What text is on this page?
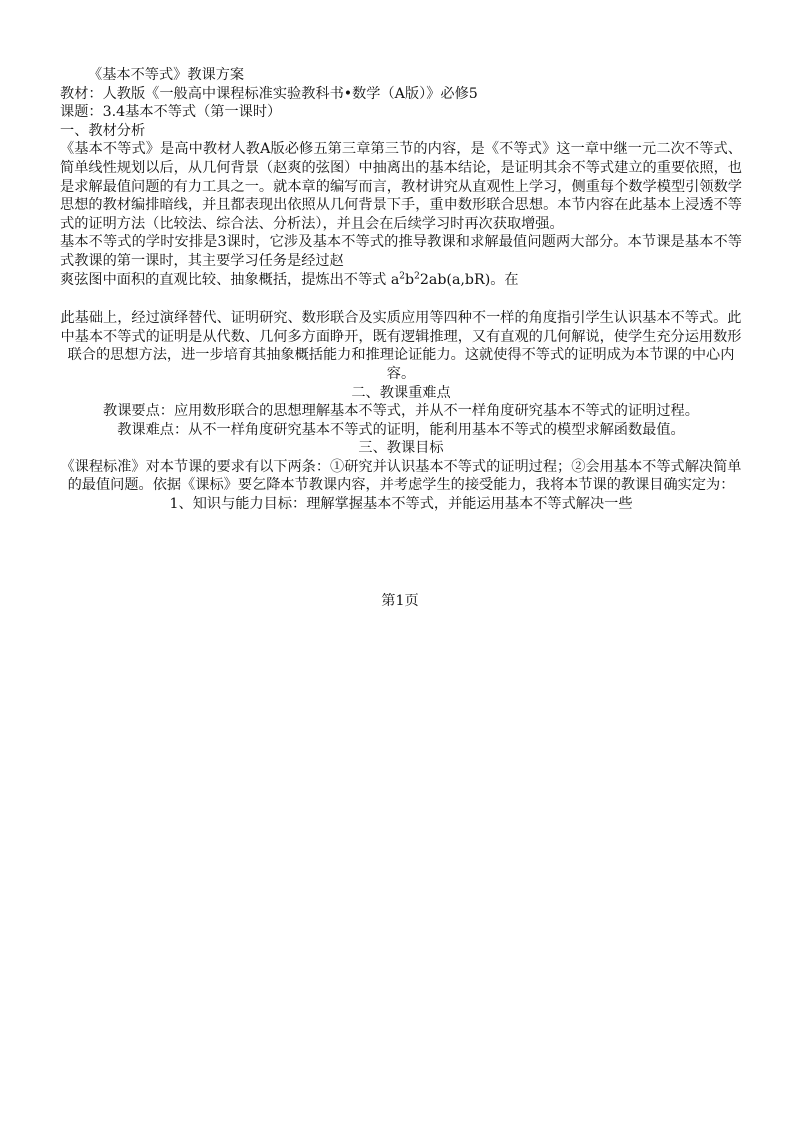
《基本不等式》教课方案

教材：人教版《一般高中课程标准实验教科书•数学（A版）》必修5

课题：3.4基本不等式（第一课时）

一、教材分析

《基本不等式》是高中教材人教A版必修五第三章第三节的内容，是《不等式》这一章中继一元二次不等式、简单线性规划以后，从几何背景（赵爽的弦图）中抽离出的基本结论，是证明其余不等式建立的重要依照，也是求解最值问题的有力工具之一。就本章的编写而言，教材讲究从直观性上学习，侧重每个数学模型引领数学思想的教材编排暗线，并且都表现出依照从几何背景下手，重申数形联合思想。本节内容在此基本上浸透不等式的证明方法（比较法、综合法、分析法），并且会在后续学习时再次获取增强。

基本不等式的学时安排是3课时，它涉及基本不等式的推导教课和求解最值问题两大部分。本节课是基本不等式教课的第一课时，其主要学习任务是经过赵

爽弦图中面积的直观比较、抽象概括，提炼出不等式 $a^2b^22ab(a,bR)$。在

此基础上，经过演绎替代、证明研究、数形联合及实质应用等四种不一样的角度指引学生认识基本不等式。此中基本不等式的证明是从代数、几何多方面睁开，既有逻辑推理，又有直观的几何解说，使学生充分运用数形联合的思想方法，进一步培育其抽象概括能力和推理论证能力。这就使得不等式的证明成为本节课的中心内容。

二、教课重难点

教课要点：应用数形联合的思想理解基本不等式，并从不一样角度研究基本不等式的证明过程。

教课难点：从不一样角度研究基本不等式的证明，能利用基本不等式的模型求解函数最值。

三、教课目标

《课程标准》对本节课的要求有以下两条：①研究并认识基本不等式的证明过程；②会用基本不等式解决简单的最值问题。依据《课标》要乞降本节教课内容，并考虑学生的接受能力，我将本节课的教课目确实定为：

1、知识与能力目标：理解掌握基本不等式，并能运用基本不等式解决一些

第1页
